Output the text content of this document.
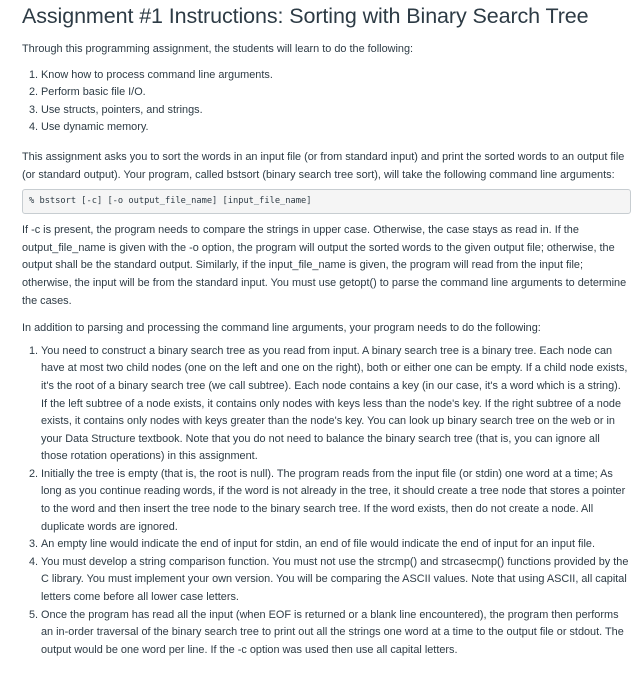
Assignment #1 Instructions: Sorting with Binary Search Tree

Through this programming assignment, the students will learn to do the following:

1. Know how to process command line arguments.
2. Perform basic file I/O.
3. Use structs, pointers, and strings.
4. Use dynamic memory.

This assignment asks you to sort the words in an input file (or from standard input) and print the sorted words to an output file (or standard output). Your program, called bstsort (binary search tree sort), will take the following command line arguments:

% bstsort [-c] [-o output_file_name] [input_file_name]

If -c is present, the program needs to compare the strings in upper case. Otherwise, the case stays as read in. If the output_file_name is given with the -o option, the program will output the sorted words to the given output file; otherwise, the output shall be the standard output. Similarly, if the input_file_name is given, the program will read from the input file; otherwise, the input will be from the standard input. You must use getopt() to parse the command line arguments to determine the cases.

In addition to parsing and processing the command line arguments, your program needs to do the following:

1. You need to construct a binary search tree as you read from input. A binary search tree is a binary tree. Each node can have at most two child nodes (one on the left and one on the right), both or either one can be empty. If a child node exists, it's the root of a binary search tree (we call subtree). Each node contains a key (in our case, it's a word which is a string). If the left subtree of a node exists, it contains only nodes with keys less than the node's key. If the right subtree of a node exists, it contains only nodes with keys greater than the node's key. You can look up binary search tree on the web or in your Data Structure textbook. Note that you do not need to balance the binary search tree (that is, you can ignore all those rotation operations) in this assignment.
2. Initially the tree is empty (that is, the root is null). The program reads from the input file (or stdin) one word at a time; As long as you continue reading words, if the word is not already in the tree, it should create a tree node that stores a pointer to the word and then insert the tree node to the binary search tree. If the word exists, then do not create a node. All duplicate words are ignored.
3. An empty line would indicate the end of input for stdin, an end of file would indicate the end of input for an input file.
4. You must develop a string comparison function. You must not use the strcmp() and strcasecmp() functions provided by the C library. You must implement your own version. You will be comparing the ASCII values. Note that using ASCII, all capital letters come before all lower case letters.
5. Once the program has read all the input (when EOF is returned or a blank line encountered), the program then performs an in-order traversal of the binary search tree to print out all the strings one word at a time to the output file or stdout. The output would be one word per line. If the -c option was used then use all capital letters.
